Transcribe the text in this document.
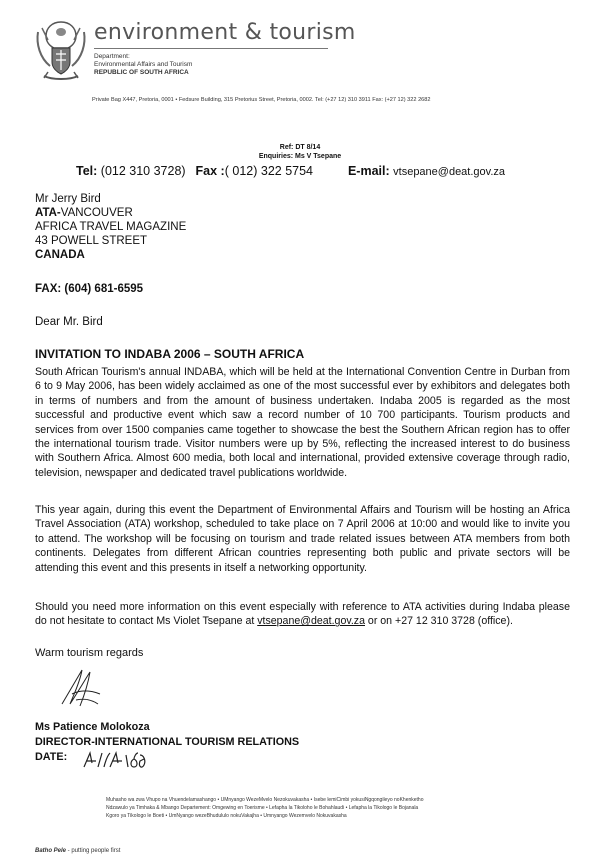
environment & tourism
Department:
Environmental Affairs and Tourism
REPUBLIC OF SOUTH AFRICA
Private Bag X447, Pretoria, 0001 • Fedsure Building, 315 Pretorius Street, Pretoria, 0002. Tel: (+27 12) 310 3911 Fax: (+27 12) 322 2682
Ref: DT 8/14
Enquiries: Ms V Tsepane
Tel: (012 310 3728) Fax :( 012) 322 5754	E-mail: vtsepane@deat.gov.za
Mr Jerry Bird
ATA-VANCOUVER
AFRICA TRAVEL MAGAZINE
43 POWELL STREET
CANADA
FAX: (604) 681-6595
Dear Mr. Bird
INVITATION TO INDABA 2006 – SOUTH AFRICA
South African Tourism's annual INDABA, which will be held at the International Convention Centre in Durban from 6 to 9 May 2006, has been widely acclaimed as one of the most successful ever by exhibitors and delegates both in terms of numbers and from the amount of business undertaken. Indaba 2005 is regarded as the most successful and productive event which saw a record number of 10 700 participants. Tourism products and services from over 1500 companies came together to showcase the best the Southern African region has to offer the international tourism trade. Visitor numbers were up by 5%, reflecting the increased interest to do business with Southern Africa. Almost 600 media, both local and international, provided extensive coverage through radio, television, newspaper and dedicated travel publications worldwide.
This year again, during this event the Department of Environmental Affairs and Tourism will be hosting an Africa Travel Association (ATA) workshop, scheduled to take place on 7 April 2006 at 10:00 and would like to invite you to attend. The workshop will be focusing on tourism and trade related issues between ATA members from both continents. Delegates from different African countries representing both public and private sectors will be attending this event and this presents in itself a networking opportunity.
Should you need more information on this event especially with reference to ATA activities during Indaba please do not hesitate to contact Ms Violet Tsepane at vtsepane@deat.gov.za or on +27 12 310 3728 (office).
Warm tourism regards
Ms Patience Molokoza
DIRECTOR-INTERNATIONAL TOURISM RELATIONS
DATE:
Muhasho wa zwa Vhupo na Vhuendelamashango • UMnyango WezeMvelo Nezokuvakasha • Isebe lemiCimbi yokusiNgqongileyo noKhenketho
Ndzawulo ya Timhaka & Mbango Departement: Omgewing en Toerisme • Lefapha la Tikoloho le Bohahlaudi • Lefapha la Tikologo le Bojanala
Kgoro ya Tikologo le Boeti • UmNyango wezeBhudululo nokuVakajha • Umnyango Wezemvelo Nokuvakasha
Batho Pele - putting people first
